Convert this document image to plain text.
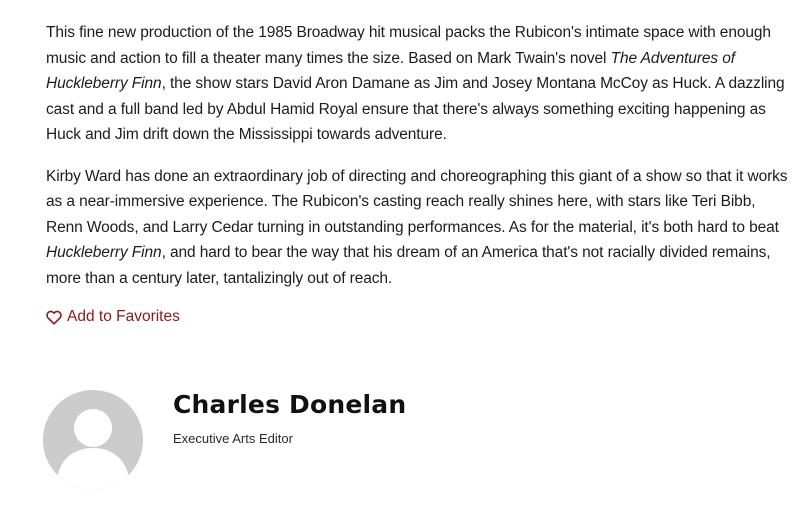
This fine new production of the 1985 Broadway hit musical packs the Rubicon's intimate space with enough music and action to fill a theater many times the size. Based on Mark Twain's novel The Adventures of Huckleberry Finn, the show stars David Aron Damane as Jim and Josey Montana McCoy as Huck. A dazzling cast and a full band led by Abdul Hamid Royal ensure that there's always something exciting happening as Huck and Jim drift down the Mississippi towards adventure.

Kirby Ward has done an extraordinary job of directing and choreographing this giant of a show so that it works as a near-immersive experience. The Rubicon's casting reach really shines here, with stars like Teri Bibb, Renn Woods, and Larry Cedar turning in outstanding performances. As for the material, it's both hard to beat Huckleberry Finn, and hard to bear the way that his dream of an America that's not racially divided remains, more than a century later, tantalizingly out of reach.

Add to Favorites
Charles Donelan
Executive Arts Editor
